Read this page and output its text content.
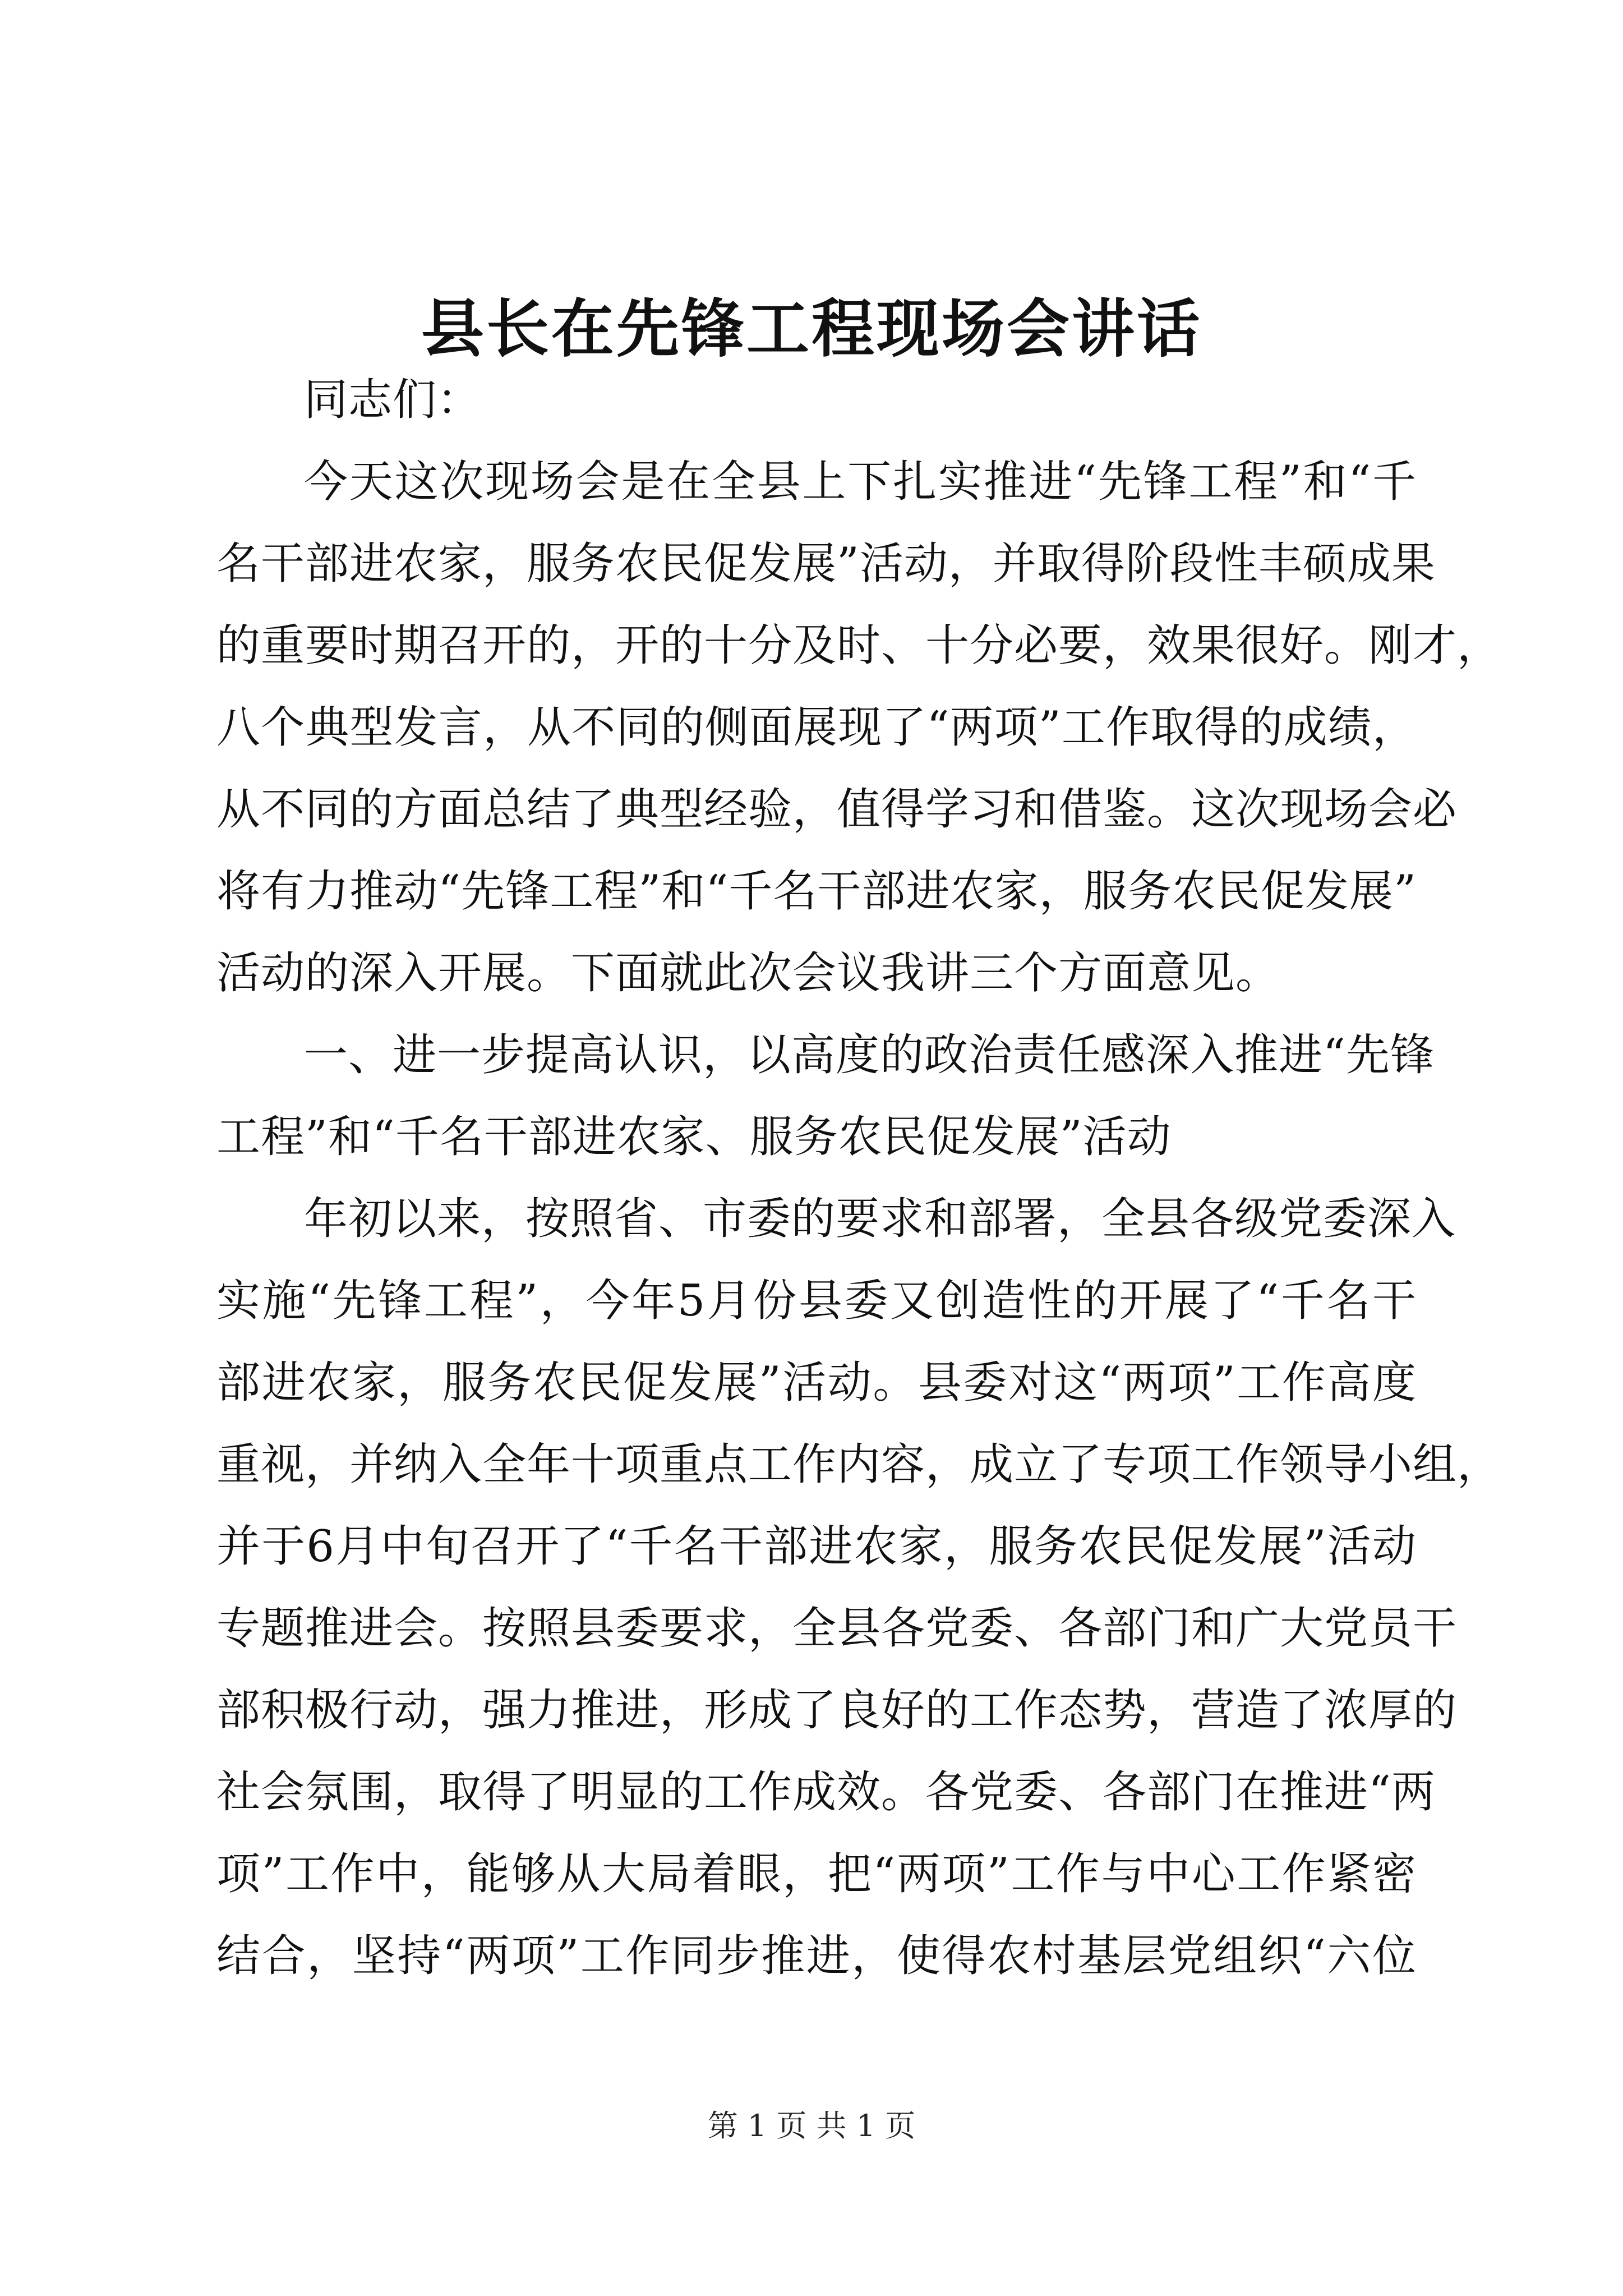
县长在先锋工程现场会讲话
同志们：
今天这次现场会是在全县上下扎实推进“先锋工程”和“千
名干部进农家，服务农民促发展”活动，并取得阶段性丰硕成果
的重要时期召开的，开的十分及时、十分必要，效果很好。刚才，
八个典型发言，从不同的侧面展现了“两项”工作取得的成绩，
从不同的方面总结了典型经验，值得学习和借鉴。这次现场会必
将有力推动“先锋工程”和“千名干部进农家，服务农民促发展”
活动的深入开展。下面就此次会议我讲三个方面意见。
一、进一步提高认识，以高度的政治责任感深入推进“先锋
工程”和“千名干部进农家、服务农民促发展”活动
年初以来，按照省、市委的要求和部署，全县各级党委深入
实施“先锋工程”，今年5月份县委又创造性的开展了“千名干
部进农家，服务农民促发展”活动。县委对这“两项”工作高度
重视，并纳入全年十项重点工作内容，成立了专项工作领导小组，
并于6月中旬召开了“千名干部进农家，服务农民促发展”活动
专题推进会。按照县委要求，全县各党委、各部门和广大党员干
部积极行动，强力推进，形成了良好的工作态势，营造了浓厚的
社会氛围，取得了明显的工作成效。各党委、各部门在推进“两
项”工作中，能够从大局着眼，把“两项”工作与中心工作紧密
结合，坚持“两项”工作同步推进，使得农村基层党组织“六位
第 1 页 共 1 页
